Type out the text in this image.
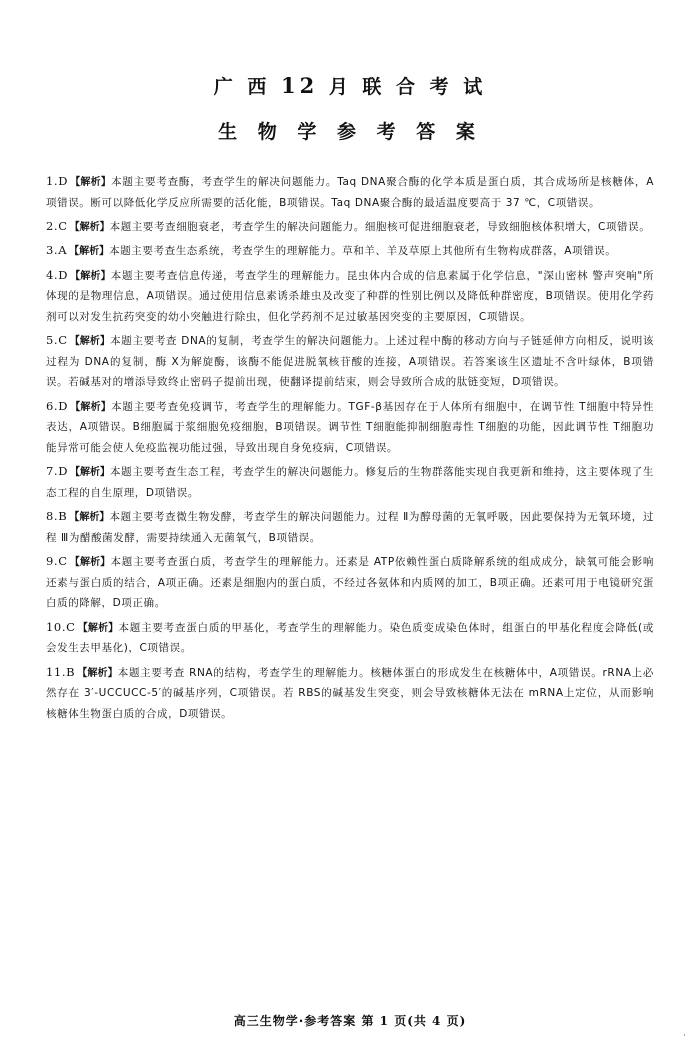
广 西 12 月 联 合 考 试
生 物 学 参 考 答 案
1.D 【解析】本题主要考查酶，考查学生的解决问题能力。Taq DNA聚合酶的化学本质是蛋白质，其合成场所是核糖体，A项错误。断可以降低化学反应所需要的活化能，B项错误。Taq DNA聚合酶的最适温度要高于 37 ℃，C项错误。
2.C 【解析】本题主要考查细胞衰老，考查学生的解决问题能力。细胞核可促进细胞衰老，导致细胞核体积增大，C项错误。
3.A 【解析】本题主要考查生态系统，考查学生的理解能力。草和羊、羊及草原上其他所有生物构成群落，A项错误。
4.D 【解析】本题主要考查信息传递，考查学生的理解能力。昆虫体内合成的信息素属于化学信息，"深山密林 警声突响"所体现的是物理信息，A项错误。通过使用信息素诱杀雄虫及改变了种群的性别比例以及降低种群密度，B项错误。使用化学药剂可以对发生抗药突变的幼小突触进行除虫，但化学药剂不足过敏基因突变的主要原因，C项错误。
5.C 【解析】本题主要考查 DNA的复制，考查学生的解决问题能力。上述过程中酶的移动方向与子链延伸方向相反，说明该过程为 DNA的复制，酶 X为解旋酶，该酶不能促进脱氧核苷酸的连接，A项错误。若答案该生区遗址不含叶绿体，B项错误。若碱基对的增添导致终止密码子提前出现，使翻译提前结束，则会导致所合成的肽链变短，D项错误。
6.D 【解析】本题主要考查免疫调节，考查学生的理解能力。TGF-β基因存在于人体所有细胞中，在调节性 T细胞中特异性表达，A项错误。B细胞属于浆细胞免疫细胞，B项错误。调节性 T细胞能抑制细胞毒性 T细胞的功能，因此调节性 T细胞功能异常可能会使人免疫监视功能过强，导致出现自身免疫病，C项错误。
7.D 【解析】本题主要考查生态工程，考查学生的解决问题能力。修复后的生物群落能实现自我更新和维持，这主要体现了生态工程的自生原理，D项错误。
8.B 【解析】本题主要考查微生物发酵，考查学生的解决问题能力。过程 Ⅱ为醇母菌的无氧呼吸，因此要保持为无氧环境，过程 Ⅲ为醋酸菌发酵，需要持续通入无菌氧气，B项错误。
9.C 【解析】本题主要考查蛋白质，考查学生的理解能力。还素是 ATP依赖性蛋白质降解系统的组成成分，缺氧可能会影响还素与蛋白质的结合，A项正确。还素是细胞内的蛋白质，不经过各氨体和内质网的加工，B项正确。还素可用于电镜研究蛋白质的降解，D项正确。
10.C 【解析】本题主要考查蛋白质的甲基化，考查学生的理解能力。染色质变成染色体时，组蛋白的甲基化程度会降低(或会发生去甲基化)，C项错误。
11.B 【解析】本题主要考查 RNA的结构，考查学生的理解能力。核糖体蛋白的形成发生在核糖体中，A项错误。rRNA上必然存在 3′-UCCUCC-5′的碱基序列，C项错误。若 RBS的碱基发生突变，则会导致核糖体无法在 mRNA上定位，从而影响核糖体生物蛋白质的合成，D项错误。
高三生物学·参考答案 第 1 页(共 4 页)
·
